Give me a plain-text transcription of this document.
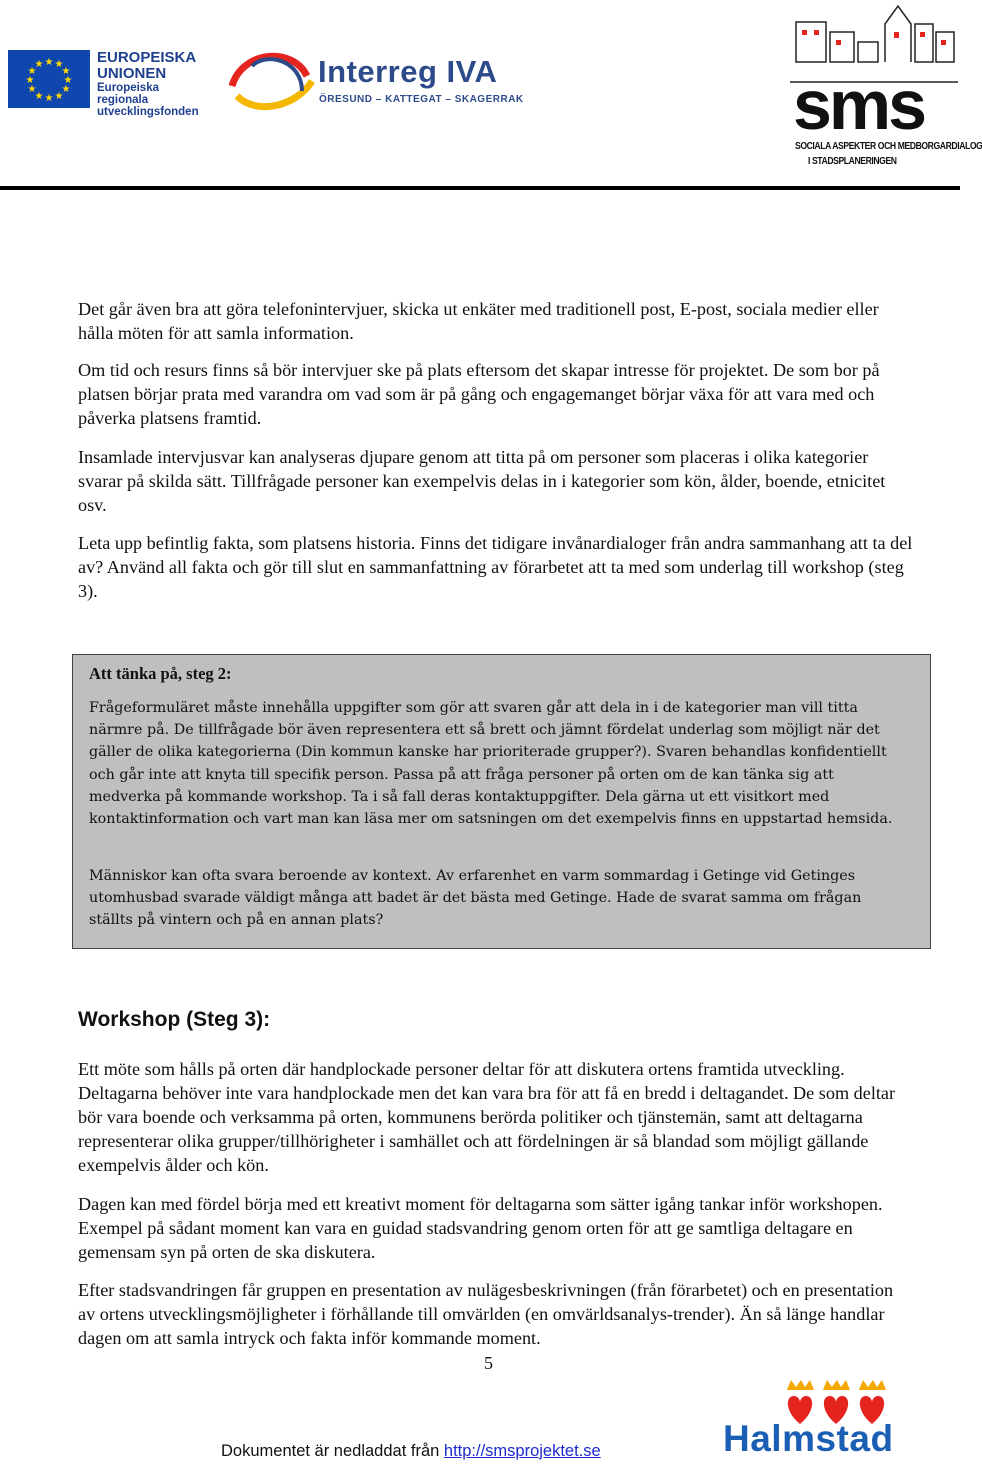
★ ★
★
★
★
★
★
★
★
★
★
★	EUROPEISKA
UNIONEN
Europeiska
regionala
utvecklingsfonden
Interreg IVA
ÖRESUND – KATTEGAT – SKAGERRAK	sms
SOCIALA ASPEKTER OCH MEDBORGARDIALOG
I STADSPLANERINGEN
Det går även bra att göra telefonintervjuer, skicka ut enkäter med traditionell post, E-post, sociala medier eller hålla möten för att samla information.
Om tid och resurs finns så bör intervjuer ske på plats eftersom det skapar intresse för projektet. De som bor på platsen börjar prata med varandra om vad som är på gång och engagemanget börjar växa för att vara med och påverka platsens framtid.
Insamlade intervjusvar kan analyseras djupare genom att titta på om personer som placeras i olika kategorier svarar på skilda sätt. Tillfrågade personer kan exempelvis delas in i kategorier som kön, ålder, boende, etnicitet osv.
Leta upp befintlig fakta, som platsens historia. Finns det tidigare invånardialoger från andra sammanhang att ta del av? Använd all fakta och gör till slut en sammanfattning av förarbetet att ta med som underlag till workshop (steg 3).
Att tänka på, steg 2:
Frågeformuläret måste innehålla uppgifter som gör att svaren går att dela in i de kategorier man vill titta närmre på. De tillfrågade bör även representera ett så brett och jämnt fördelat underlag som möjligt när det gäller de olika kategorierna (Din kommun kanske har prioriterade grupper?). Svaren behandlas konfidentiellt och går inte att knyta till specifik person. Passa på att fråga personer på orten om de kan tänka sig att medverka på kommande workshop. Ta i så fall deras kontaktuppgifter. Dela gärna ut ett visitkort med kontaktinformation och vart man kan läsa mer om satsningen om det exempelvis finns en uppstartad hemsida.
Människor kan ofta svara beroende av kontext. Av erfarenhet en varm sommardag i Getinge vid Getinges utomhusbad svarade väldigt många att badet är det bästa med Getinge. Hade de svarat samma om frågan ställts på vintern och på en annan plats?
Workshop (Steg 3):
Ett möte som hålls på orten där handplockade personer deltar för att diskutera ortens framtida utveckling. Deltagarna behöver inte vara handplockade men det kan vara bra för att få en bredd i deltagandet. De som deltar bör vara boende och verksamma på orten, kommunens berörda politiker och tjänstemän, samt att deltagarna representerar olika grupper/tillhörigheter i samhället och att fördelningen är så blandad som möjligt gällande exempelvis ålder och kön.
Dagen kan med fördel börja med ett kreativt moment för deltagarna som sätter igång tankar inför workshopen. Exempel på sådant moment kan vara en guidad stadsvandring genom orten för att ge samtliga deltagare en gemensam syn på orten de ska diskutera.
Efter stadsvandringen får gruppen en presentation av nulägesbeskrivningen (från förarbetet) och en presentation av ortens utvecklingsmöjligheter i förhållande till omvärlden (en omvärldsanalys-trender). Än så länge handlar dagen om att samla intryck och fakta inför kommande moment.
5
Dokumentet är nedladdat från http://smsprojektet.se	Halmstad
